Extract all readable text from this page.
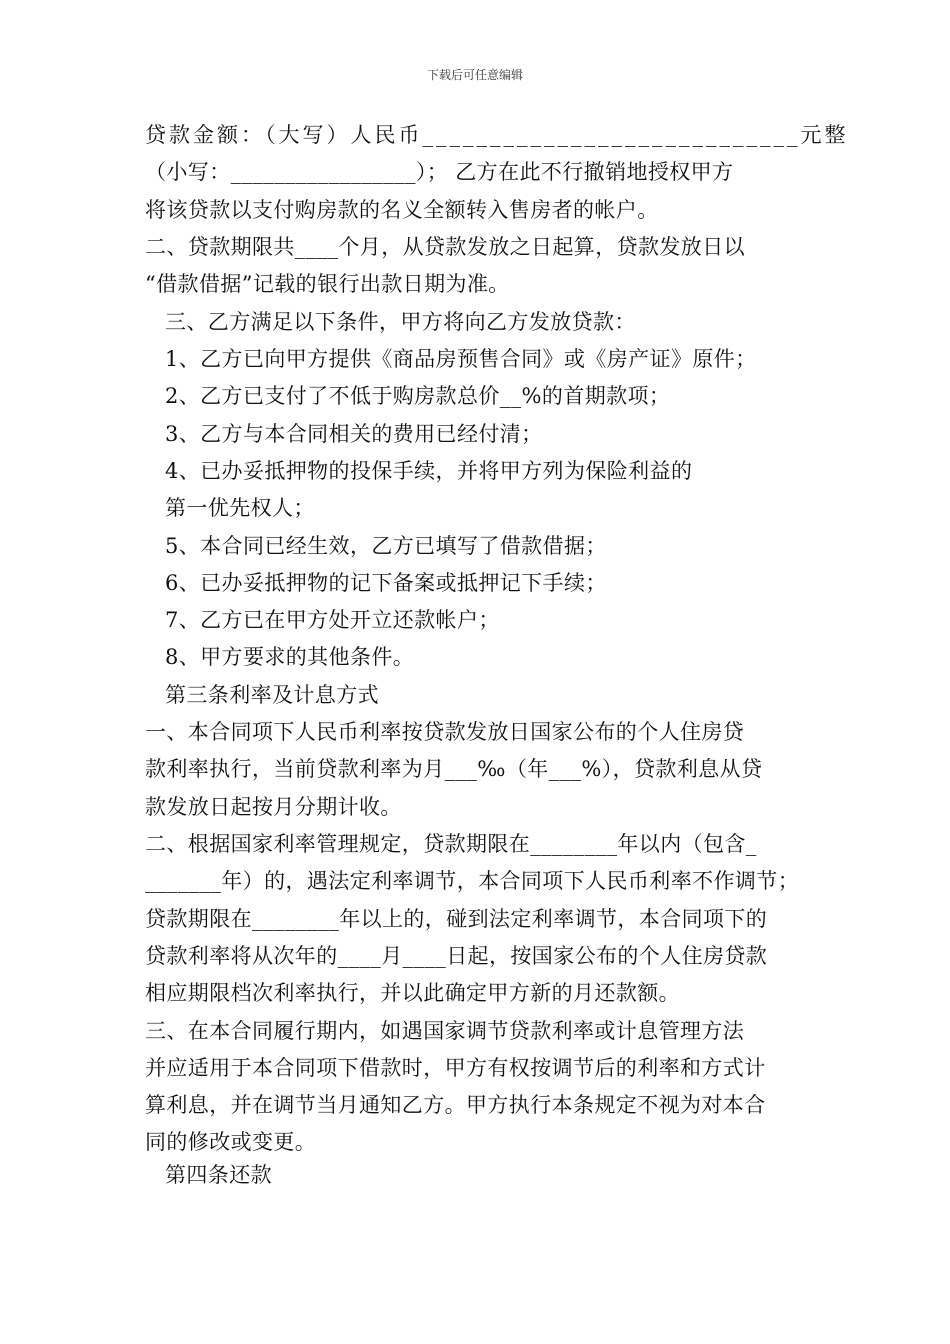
下载后可任意编辑
贷款金额：（大写）人民币____________________________元整
（小写：_________________）； 乙方在此不行撤销地授权甲方
将该贷款以支付购房款的名义全额转入售房者的帐户。
二、贷款期限共____个月，从贷款发放之日起算，贷款发放日以
“借款借据”记载的银行出款日期为准。
三、乙方满足以下条件，甲方将向乙方发放贷款：
1、乙方已向甲方提供《商品房预售合同》或《房产证》原件；
2、乙方已支付了不低于购房款总价__%的首期款项；
3、乙方与本合同相关的费用已经付清；
4、已办妥抵押物的投保手续，并将甲方列为保险利益的
第一优先权人；
5、本合同已经生效，乙方已填写了借款借据；
6、已办妥抵押物的记下备案或抵押记下手续；
7、乙方已在甲方处开立还款帐户；
8、甲方要求的其他条件。
第三条利率及计息方式
一、本合同项下人民币利率按贷款发放日国家公布的个人住房贷
款利率执行，当前贷款利率为月___‰（年___%），贷款利息从贷
款发放日起按月分期计收。
二、根据国家利率管理规定，贷款期限在________年以内（包含_
_______年）的，遇法定利率调节，本合同项下人民币利率不作调节；
贷款期限在________年以上的，碰到法定利率调节，本合同项下的
贷款利率将从次年的____月____日起，按国家公布的个人住房贷款
相应期限档次利率执行，并以此确定甲方新的月还款额。
三、在本合同履行期内，如遇国家调节贷款利率或计息管理方法
并应适用于本合同项下借款时，甲方有权按调节后的利率和方式计
算利息，并在调节当月通知乙方。甲方执行本条规定不视为对本合
同的修改或变更。
第四条还款
